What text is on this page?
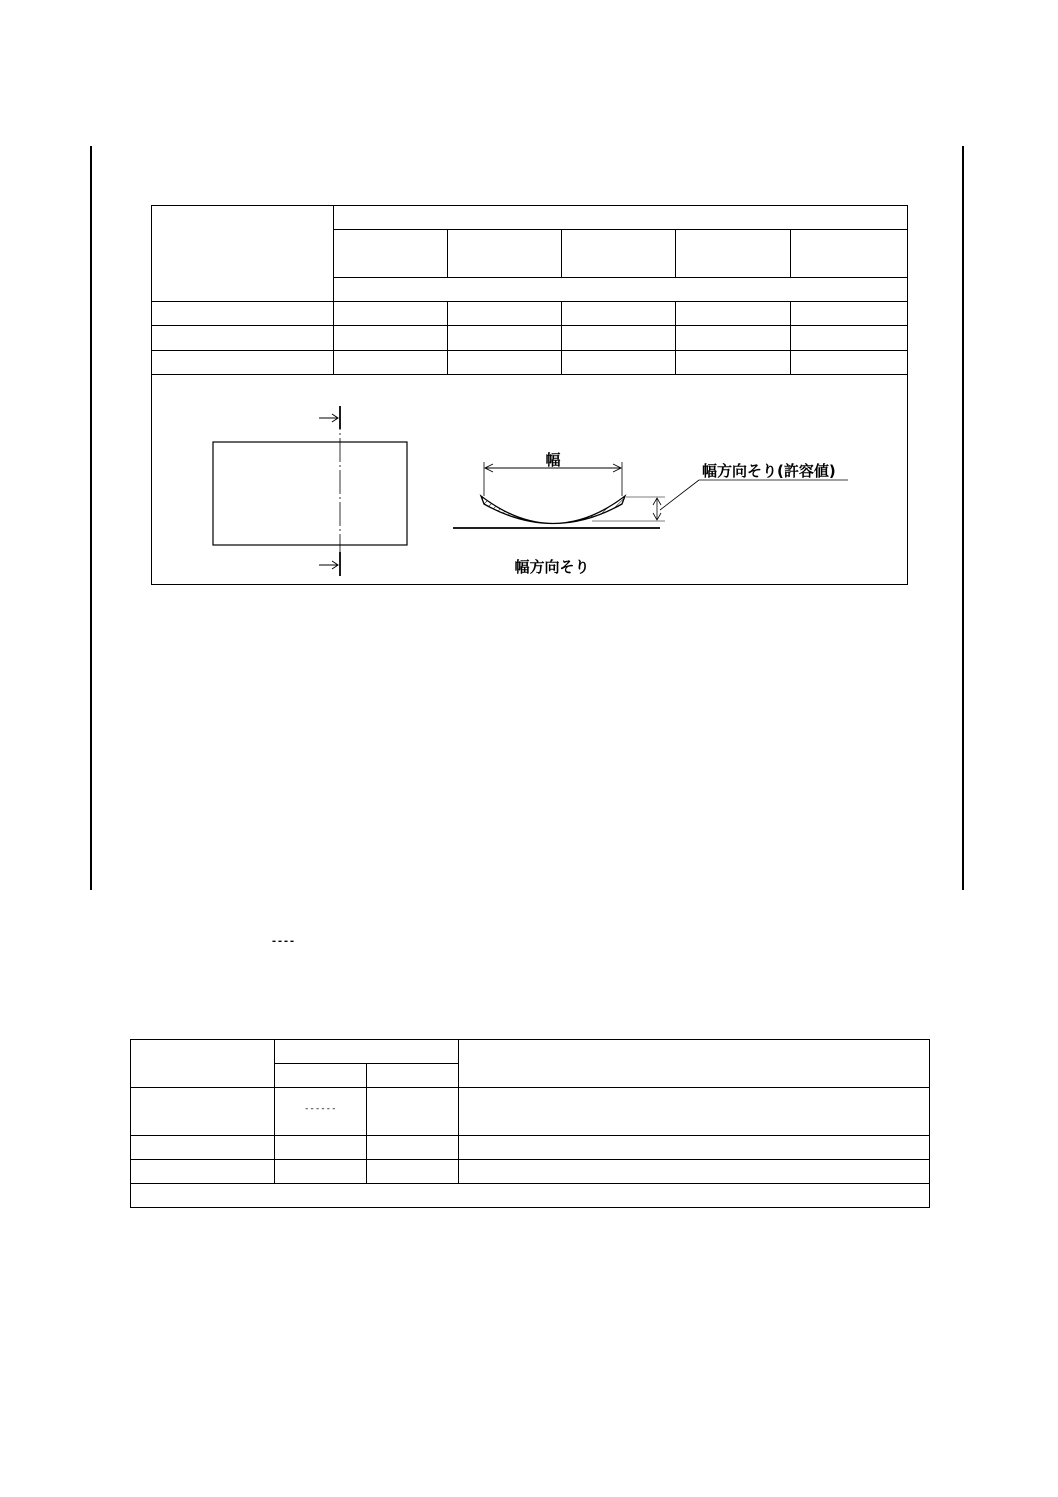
幅
幅方向そり(許容値)
幅方向そり
----

	------		
